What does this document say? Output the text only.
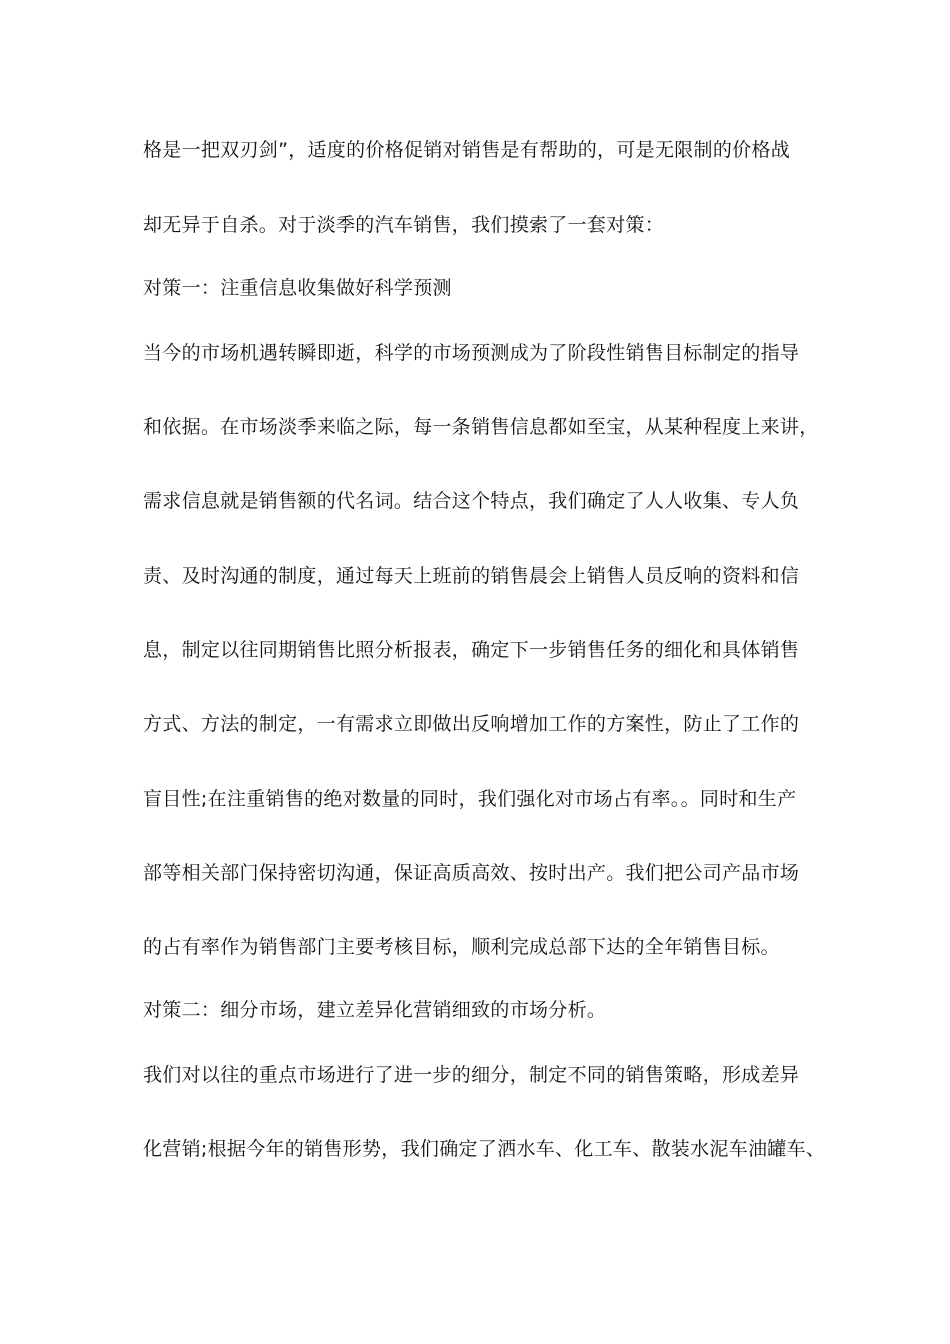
格是一把双刃剑”，适度的价格促销对销售是有帮助的，可是无限制的价格战
却无异于自杀。对于淡季的汽车销售，我们摸索了一套对策：
对策一：注重信息收集做好科学预测
当今的市场机遇转瞬即逝，科学的市场预测成为了阶段性销售目标制定的指导
和依据。在市场淡季来临之际，每一条销售信息都如至宝，从某种程度上来讲，
需求信息就是销售额的代名词。结合这个特点，我们确定了人人收集、专人负
责、及时沟通的制度，通过每天上班前的销售晨会上销售人员反响的资料和信
息，制定以往同期销售比照分析报表，确定下一步销售任务的细化和具体销售
方式、方法的制定，一有需求立即做出反响增加工作的方案性，防止了工作的
盲目性;在注重销售的绝对数量的同时，我们强化对市场占有率。。同时和生产
部等相关部门保持密切沟通，保证高质高效、按时出产。我们把公司产品市场
的占有率作为销售部门主要考核目标，顺利完成总部下达的全年销售目标。
对策二：细分市场，建立差异化营销细致的市场分析。
我们对以往的重点市场进行了进一步的细分，制定不同的销售策略，形成差异
化营销;根据今年的销售形势，我们确定了洒水车、化工车、散装水泥车油罐车、
